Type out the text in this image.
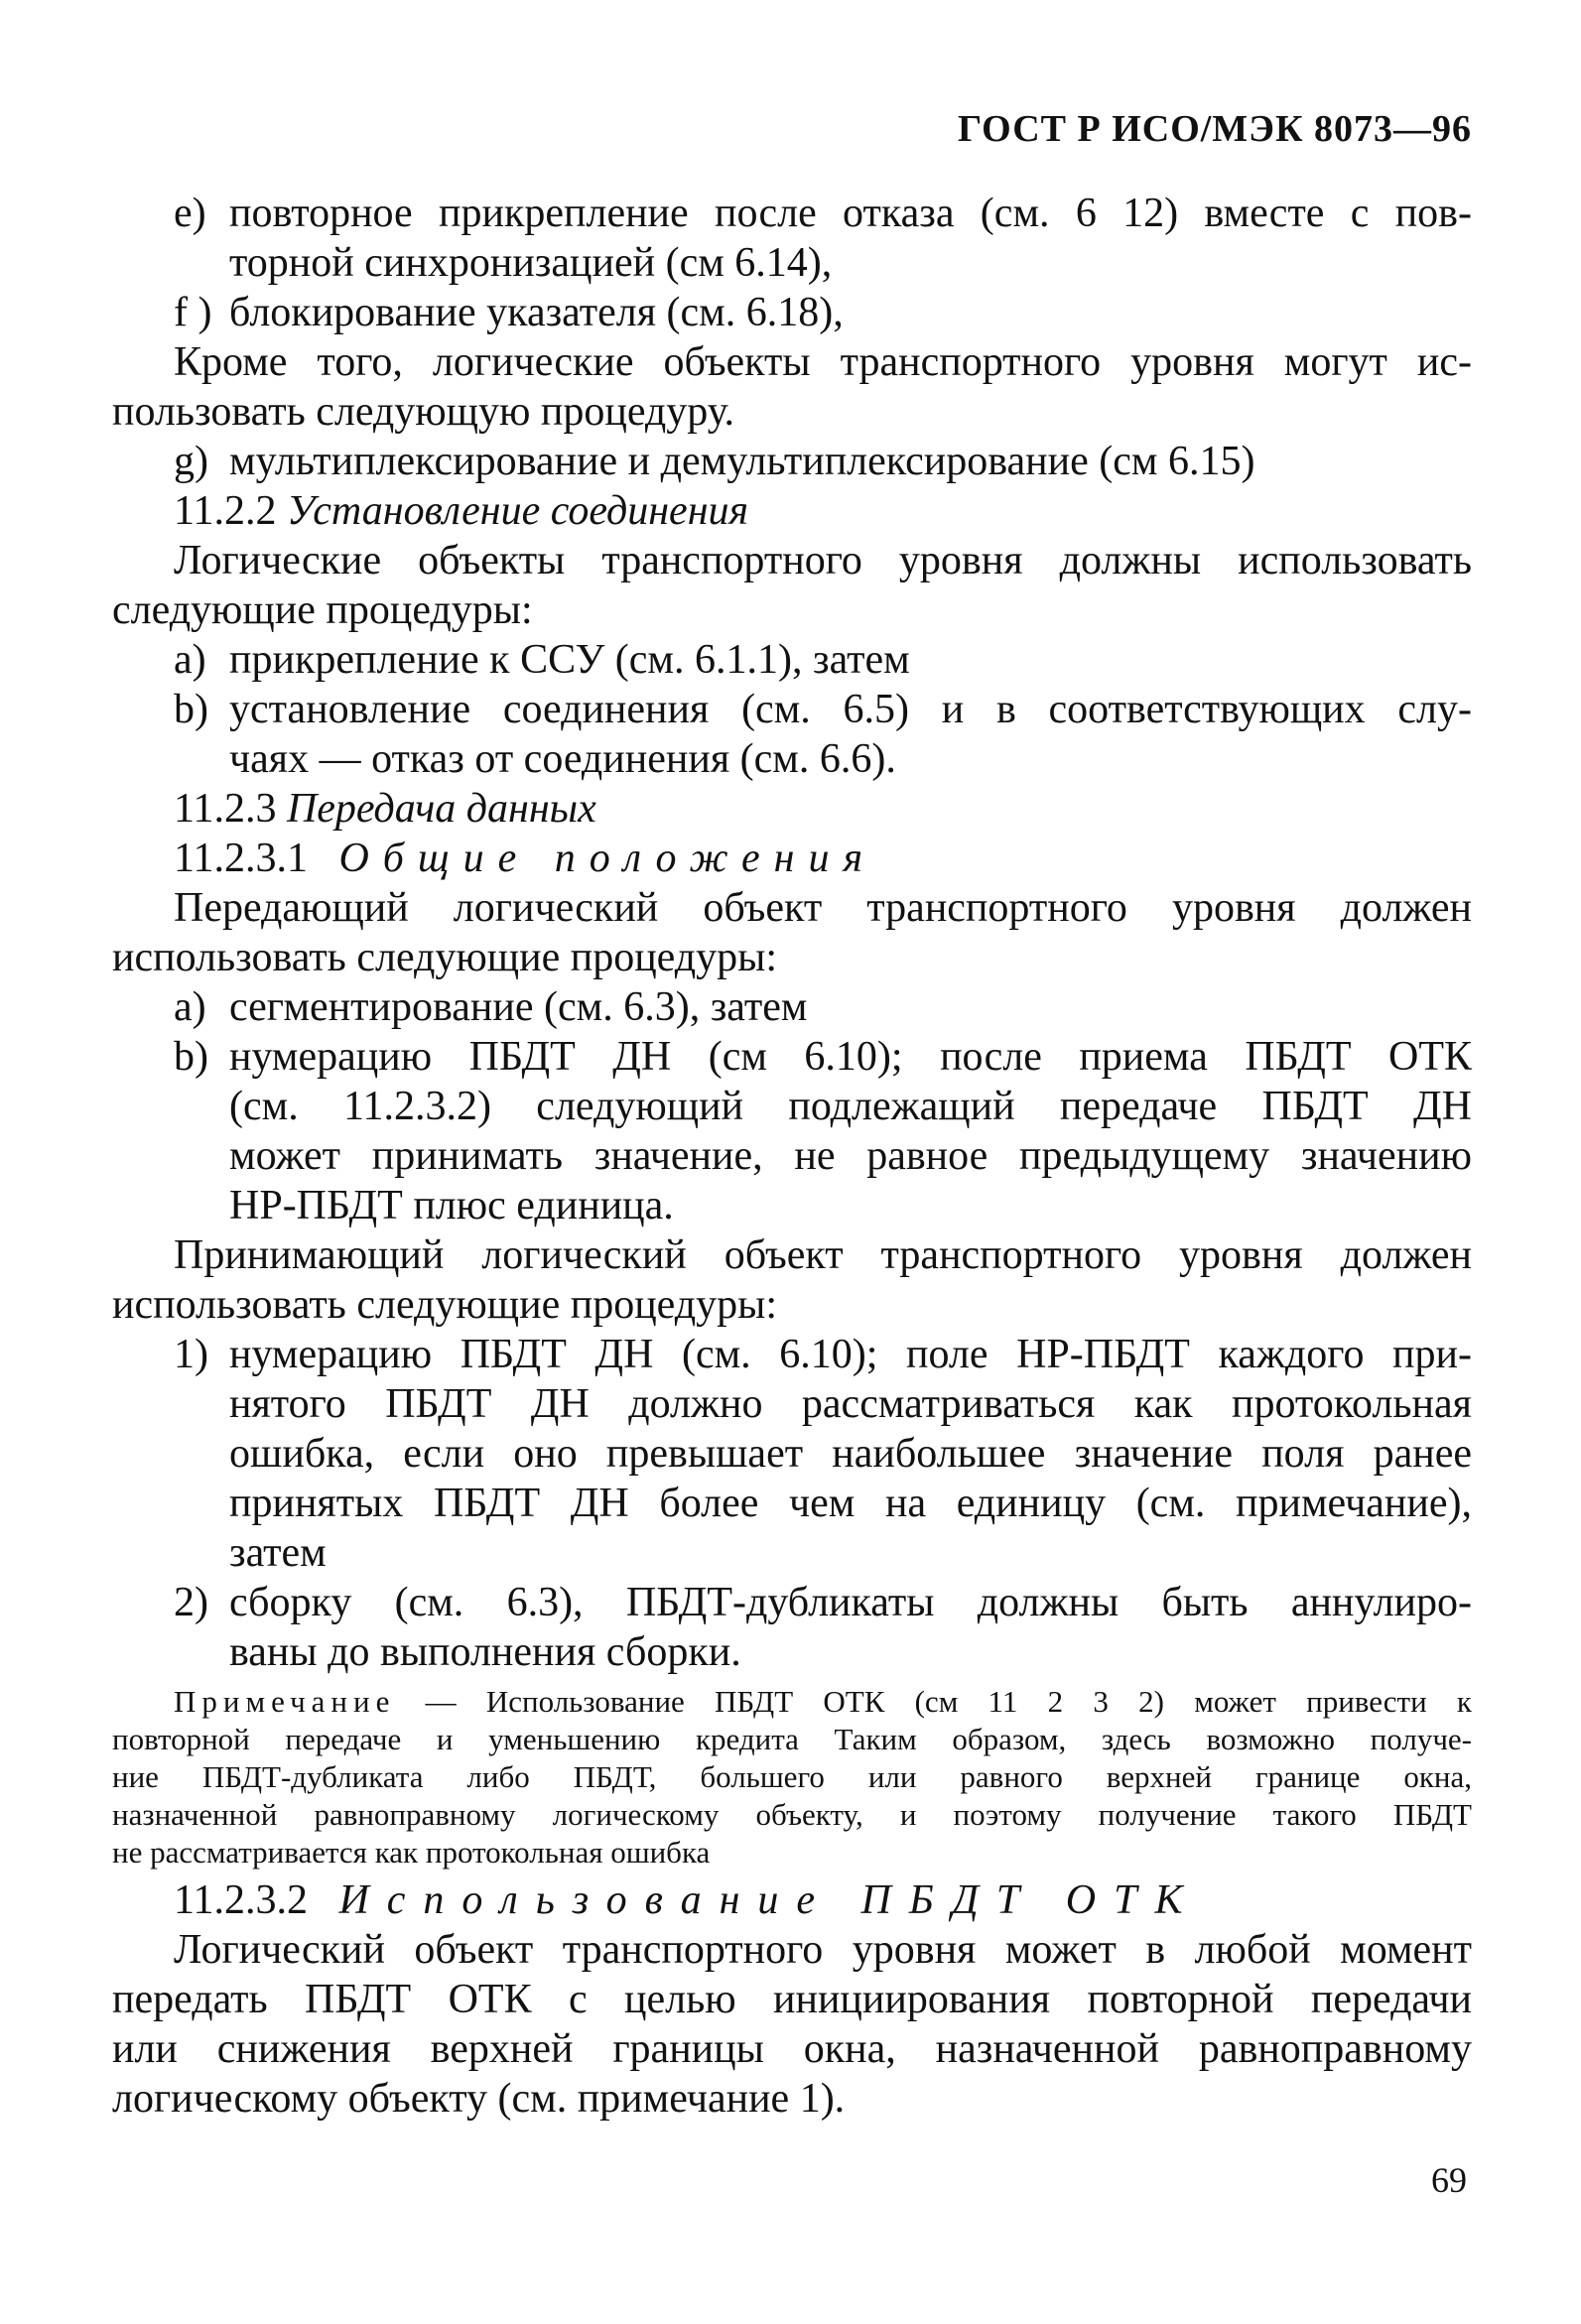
ГОСТ Р ИСО/МЭК 8073—96
e) повторное прикрепление после отказа (см. 6 12) вместе с пов-
торной синхронизацией (см 6.14),
f ) блокирование указателя (см. 6.18),
Кроме того, логические объекты транспортного уровня могут ис-
пользовать следующую процедуру.
g) мультиплексирование и демультиплексирование (см 6.15)
11.2.2 Установление соединения
Логические объекты транспортного уровня должны использовать
следующие процедуры:
a) прикрепление к ССУ (см. 6.1.1), затем
b) установление соединения (см. 6.5) и в соответствующих слу-
чаях — отказ от соединения (см. 6.6).
11.2.3 Передача данных
11.2.3.1 Общие положения
Передающий логический объект транспортного уровня должен
использовать следующие процедуры:
a) сегментирование (см. 6.3), затем
b) нумерацию ПБДТ ДН (см 6.10); после приема ПБДТ ОТК
(см. 11.2.3.2) следующий подлежащий передаче ПБДТ ДН
может принимать значение, не равное предыдущему значению
НР-ПБДТ плюс единица.
Принимающий логический объект транспортного уровня должен
использовать следующие процедуры:
1) нумерацию ПБДТ ДН (см. 6.10); поле НР-ПБДТ каждого при-
нятого ПБДТ ДН должно рассматриваться как протокольная
ошибка, если оно превышает наибольшее значение поля ранее
принятых ПБДТ ДН более чем на единицу (см. примечание),
затем
2) сборку (см. 6.3), ПБДТ-дубликаты должны быть аннулиро-
ваны до выполнения сборки.
Примечание — Использование ПБДТ ОТК (см 11 2 3 2) может привести к
повторной передаче и уменьшению кредита Таким образом, здесь возможно получе-
ние ПБДТ-дубликата либо ПБДТ, большего или равного верхней границе окна,
назначенной равноправному логическому объекту, и поэтому получение такого ПБДТ
не рассматривается как протокольная ошибка
11.2.3.2 Использование ПБДТ ОТК
Логический объект транспортного уровня может в любой момент
передать ПБДТ ОТК с целью инициирования повторной передачи
или снижения верхней границы окна, назначенной равноправному
логическому объекту (см. примечание 1).
69
